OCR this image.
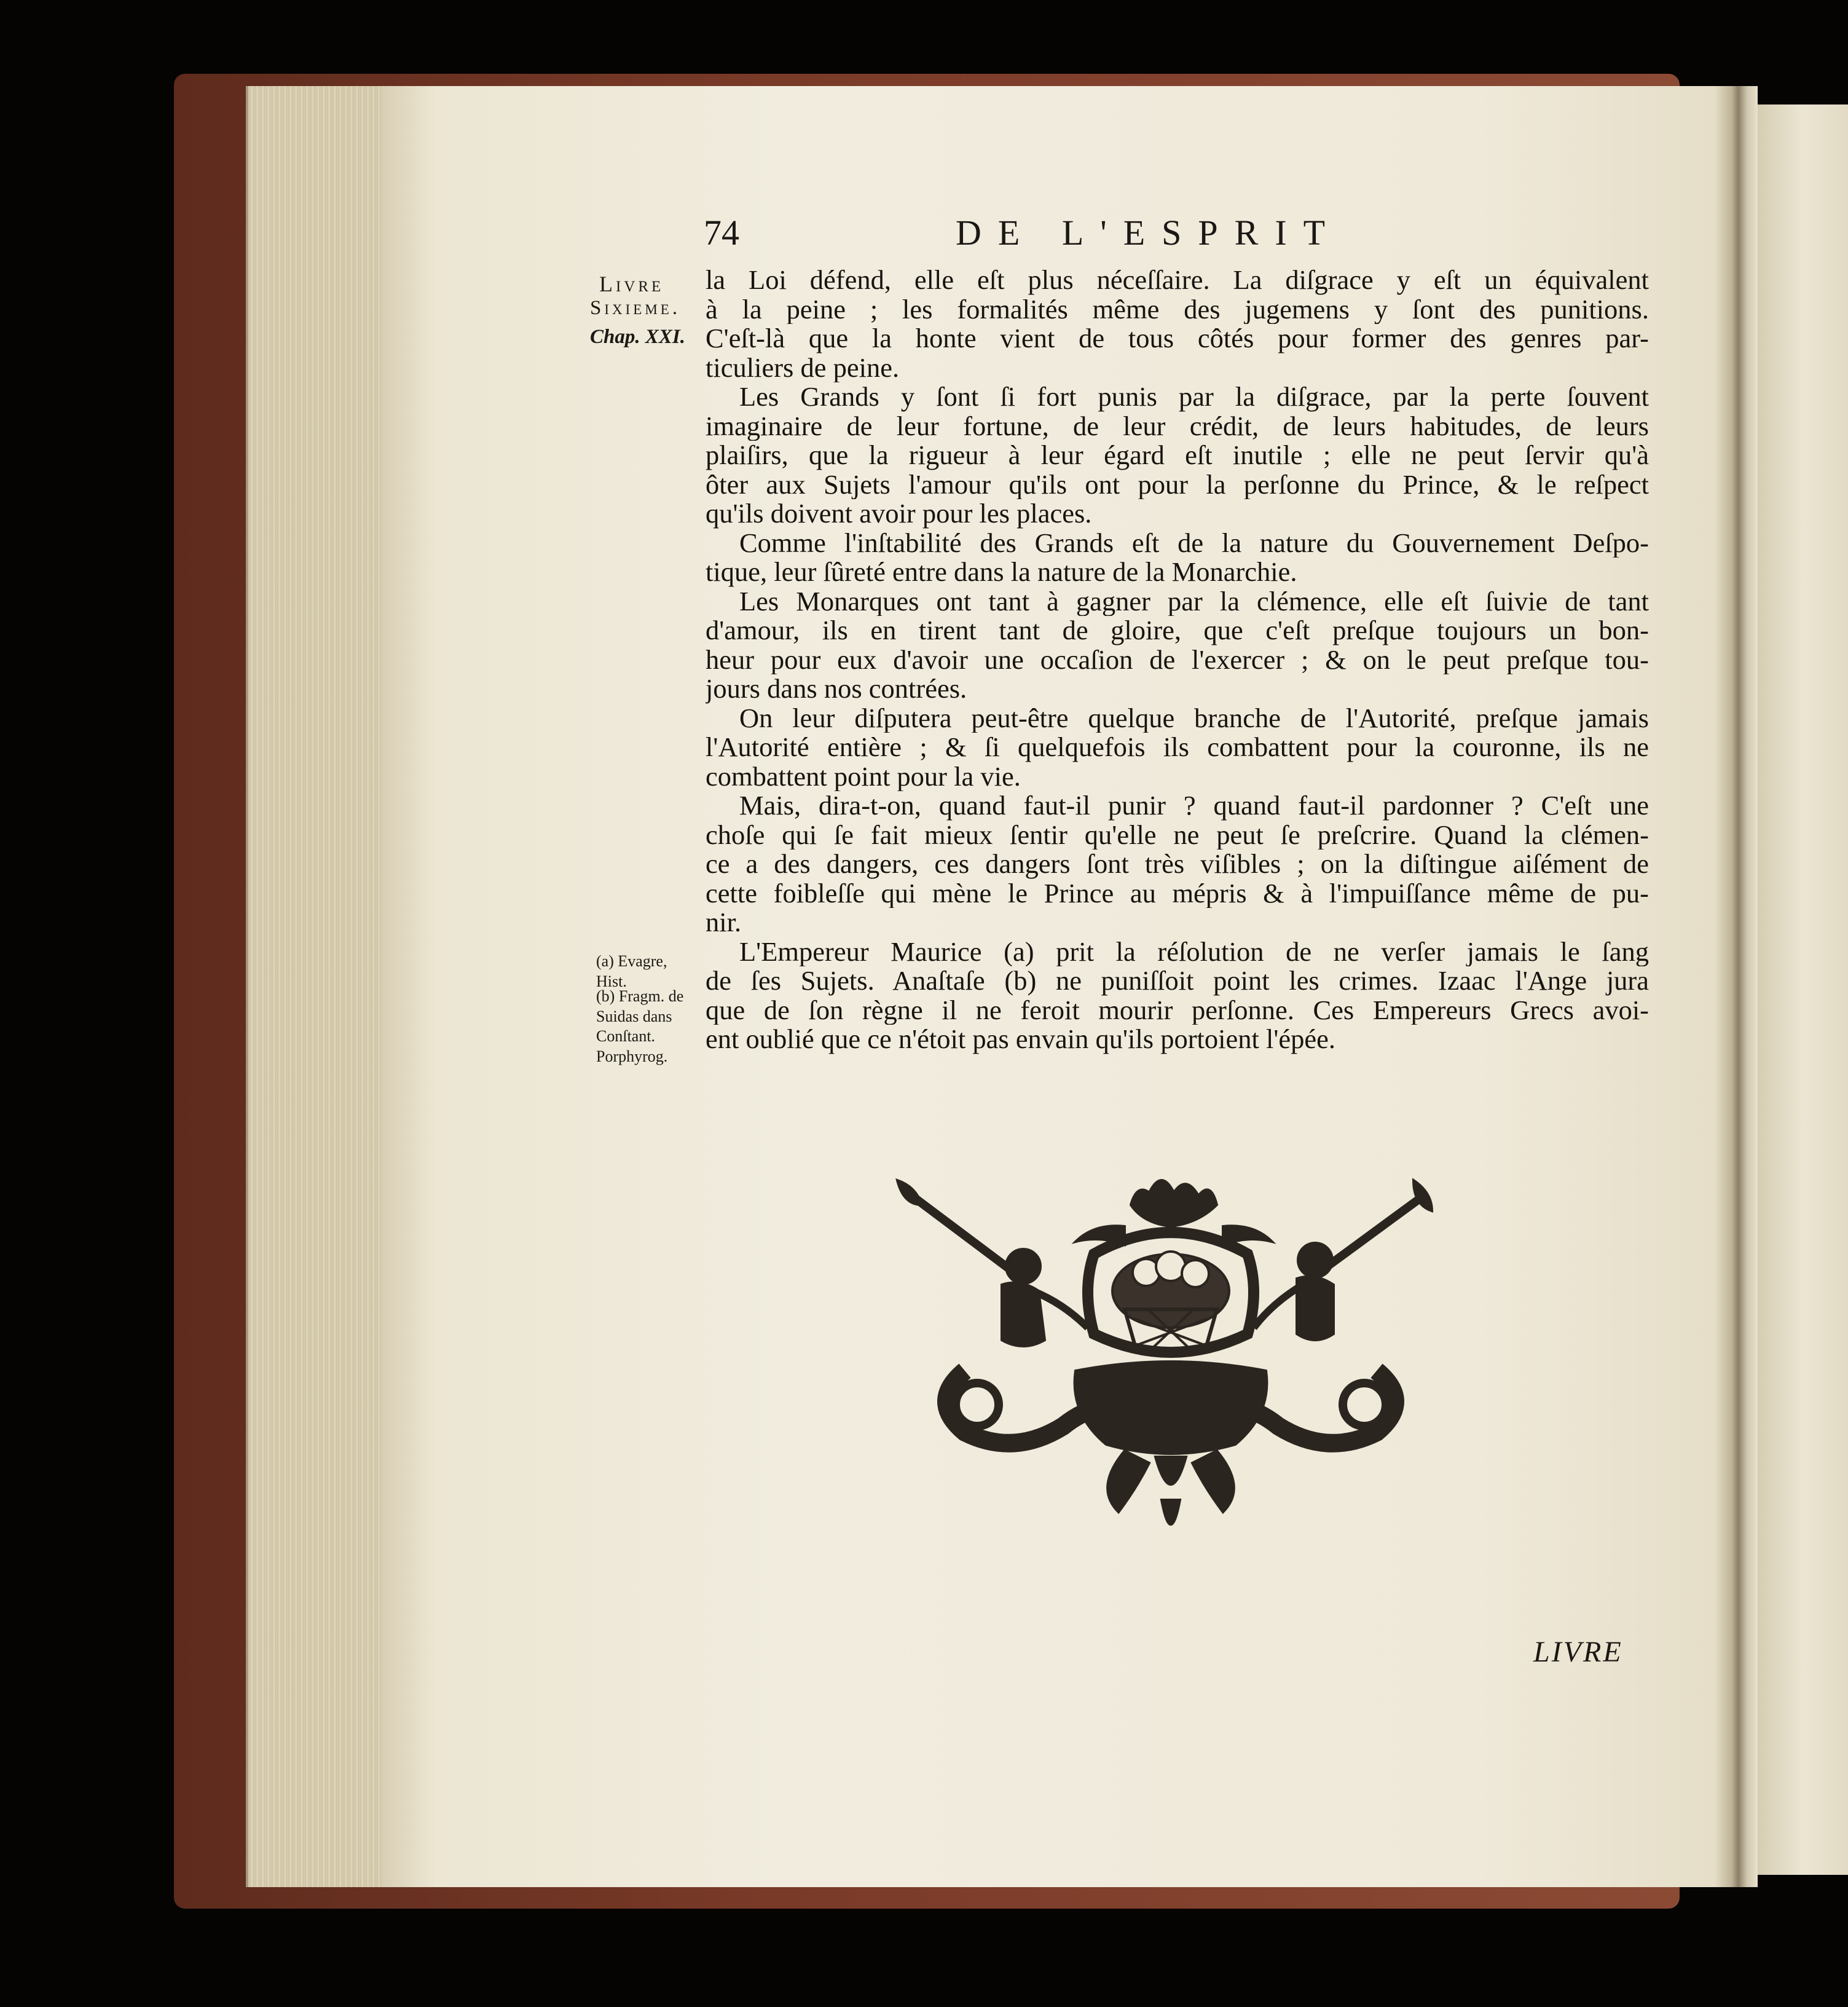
74	DE L'ESPRIT
Livre
Sixieme.
Chap. XXI.
(a) Evagre, Hist.
(b) Fragm. de Suidas dans Conſtant. Porphyrog.
la Loi défend, elle eſt plus néceſſaire. La diſgrace y eſt un équivalent
à la peine ; les formalités même des jugemens y ſont des punitions.
C'eſt-là que la honte vient de tous côtés pour former des genres par-
ticuliers de peine.
Les Grands y ſont ſi fort punis par la diſgrace, par la perte ſouvent
imaginaire de leur fortune, de leur crédit, de leurs habitudes, de leurs
plaiſirs, que la rigueur à leur égard eſt inutile ; elle ne peut ſervir qu'à
ôter aux Sujets l'amour qu'ils ont pour la perſonne du Prince, & le reſpect
qu'ils doivent avoir pour les places.
Comme l'inſtabilité des Grands eſt de la nature du Gouvernement Deſpo-
tique, leur ſûreté entre dans la nature de la Monarchie.
Les Monarques ont tant à gagner par la clémence, elle eſt ſuivie de tant
d'amour, ils en tirent tant de gloire, que c'eſt preſque toujours un bon-
heur pour eux d'avoir une occaſion de l'exercer ; & on le peut preſque tou-
jours dans nos contrées.
On leur diſputera peut-être quelque branche de l'Autorité, preſque jamais
l'Autorité entière ; & ſi quelquefois ils combattent pour la couronne, ils ne
combattent point pour la vie.
Mais, dira-t-on, quand faut-il punir ? quand faut-il pardonner ? C'eſt une
choſe qui ſe fait mieux ſentir qu'elle ne peut ſe preſcrire. Quand la clémen-
ce a des dangers, ces dangers ſont très viſibles ; on la diſtingue aiſément de
cette foibleſſe qui mène le Prince au mépris & à l'impuiſſance même de pu-
nir.
L'Empereur Maurice (a) prit la réſolution de ne verſer jamais le ſang
de ſes Sujets. Anaſtaſe (b) ne puniſſoit point les crimes. Izaac l'Ange jura
que de ſon règne il ne feroit mourir perſonne. Ces Empereurs Grecs avoi-
ent oublié que ce n'étoit pas envain qu'ils portoient l'épée.
LIVRE
